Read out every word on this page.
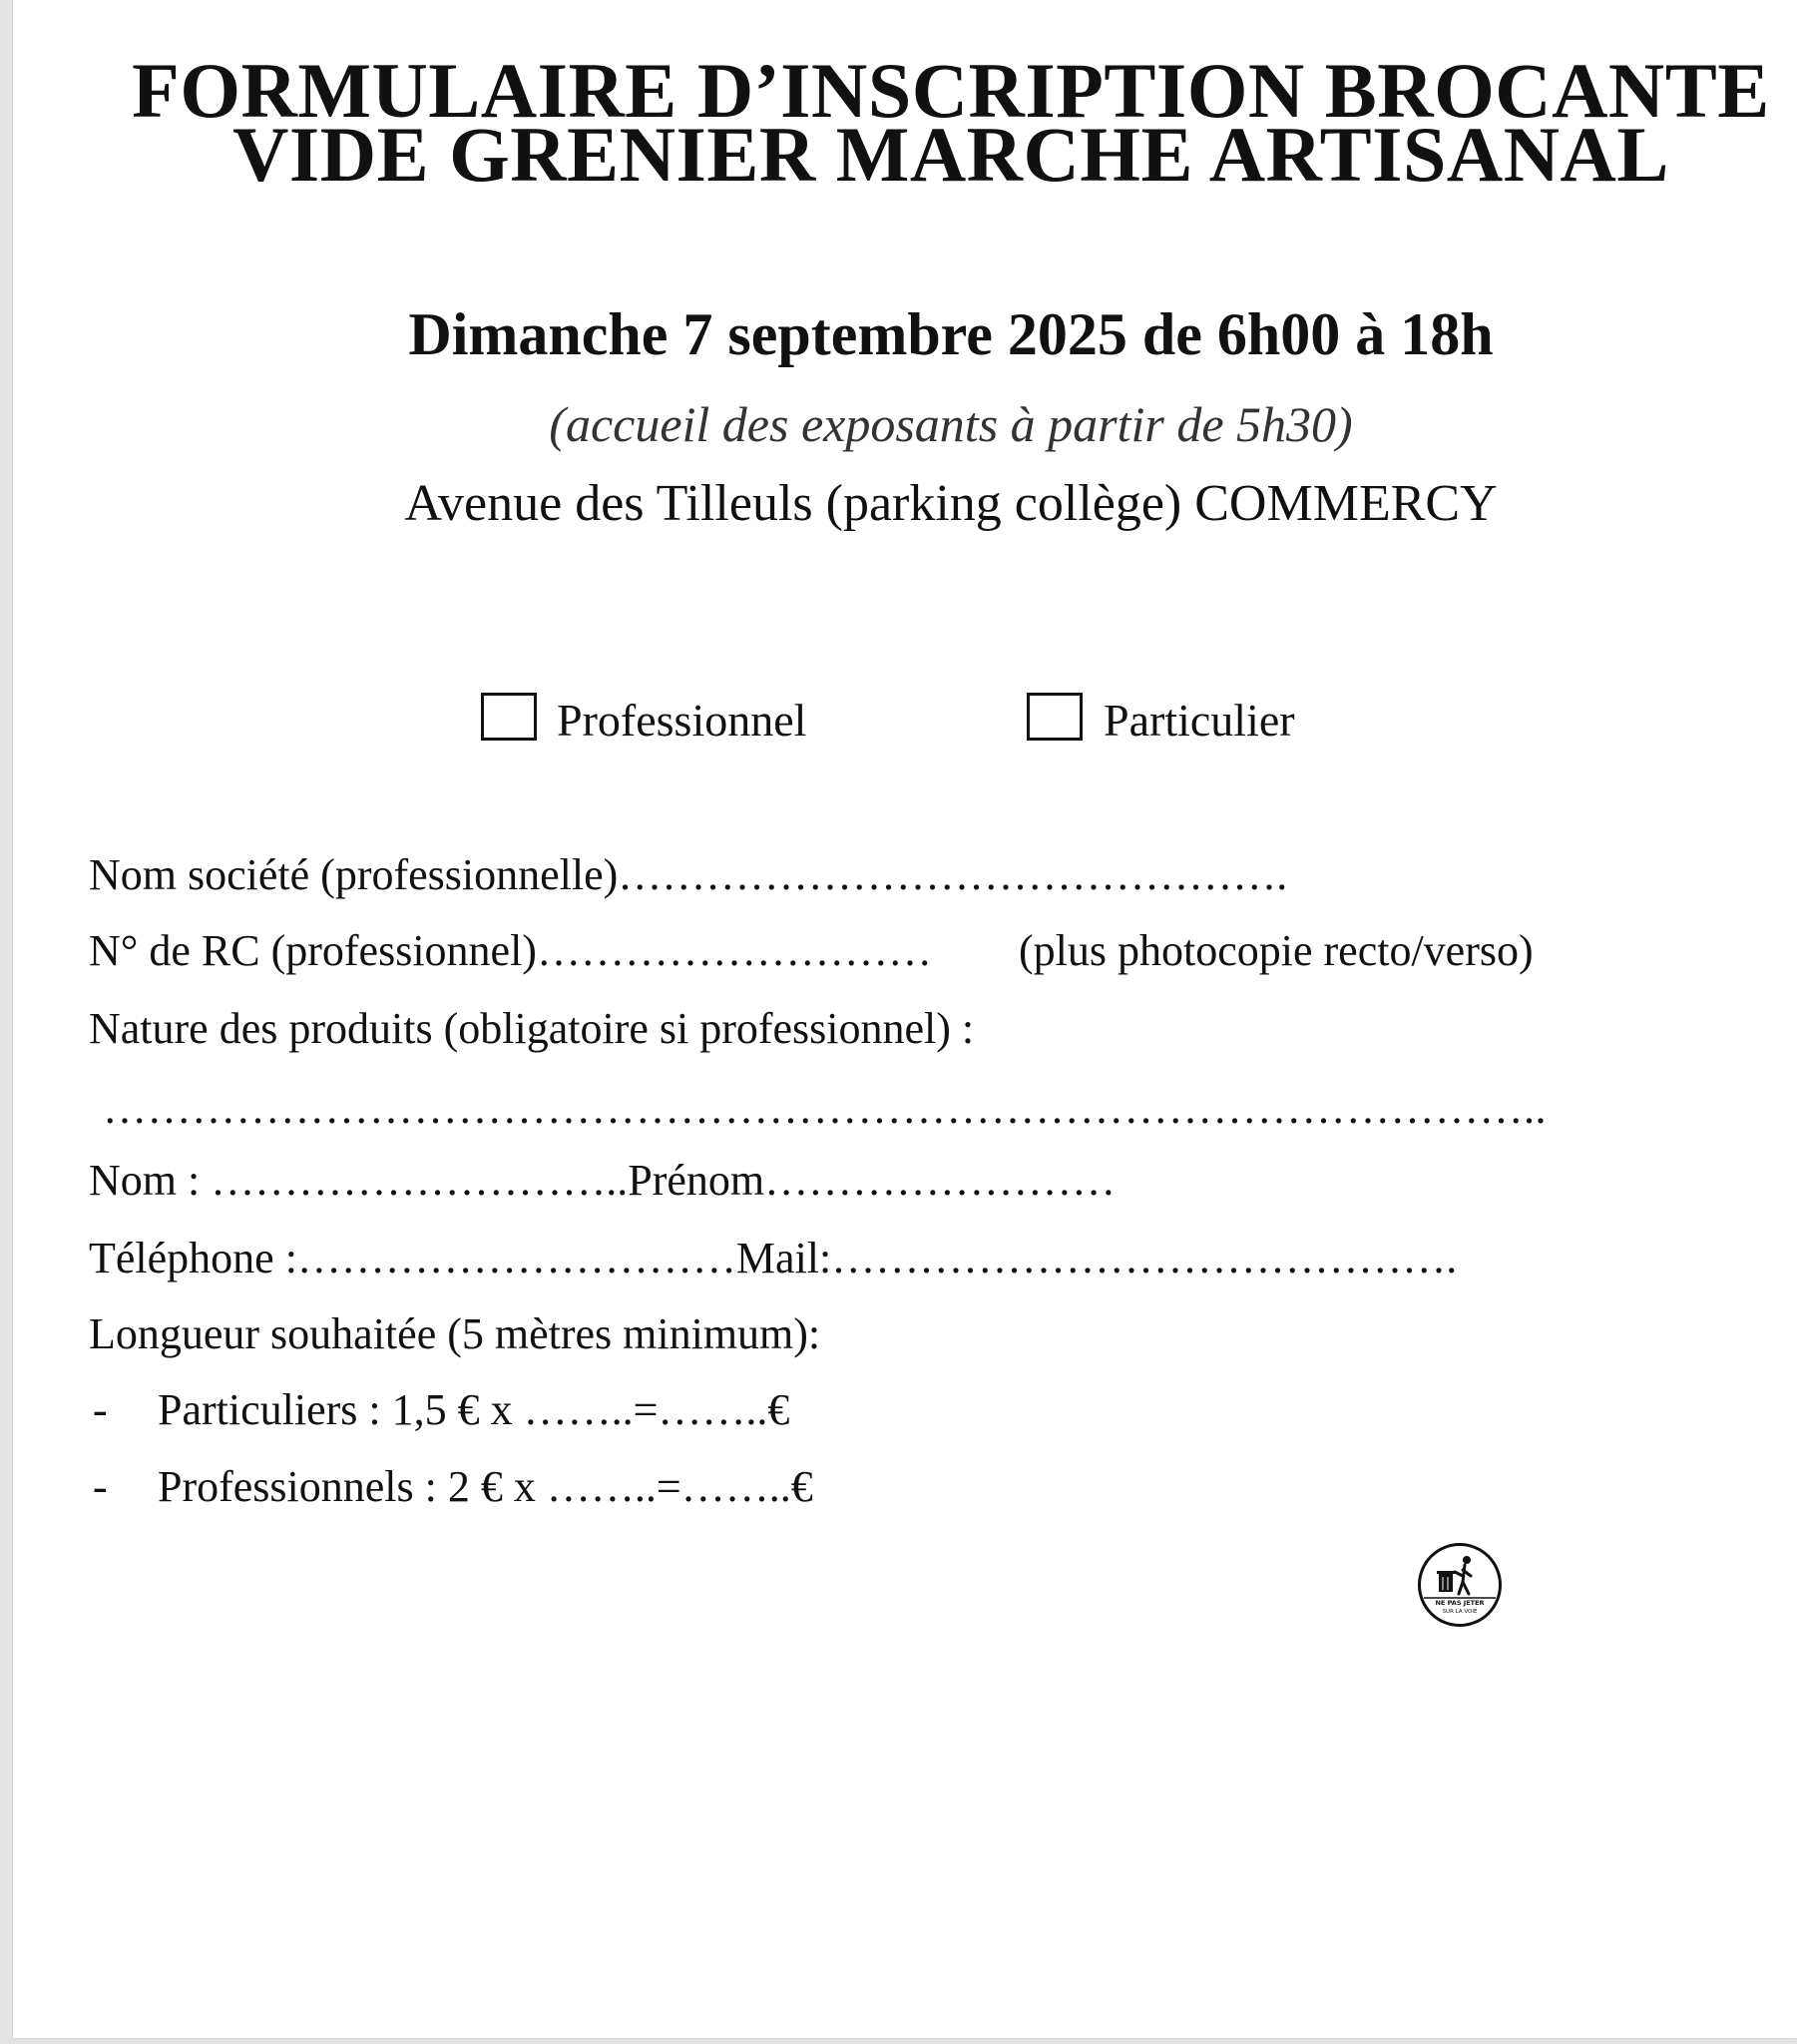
FORMULAIRE D’INSCRIPTION BROCANTE
VIDE GRENIER MARCHE ARTISANAL
Dimanche 7 septembre 2025 de 6h00 à 18h
(accueil des exposants à partir de 5h30)
Avenue des Tilleuls (parking collège) COMMERCY
Professionnel	Particulier
Nom société (professionnelle)……………………………………….
N° de RC (professionnel)……………………… (plus photocopie recto/verso)
Nature des produits (obligatoire si professionnel) :
……………………………………………………………………………………..
Nom : ………………………..Prénom……………………
Téléphone :…………………………Mail:…………………………………….
Longueur souhaitée (5 mètres minimum):
- Particuliers : 1,5 € x ……..=……..€
- Professionnels : 2 € x ……..=……..€
NE PAS JETER
SUR LA VOIE
